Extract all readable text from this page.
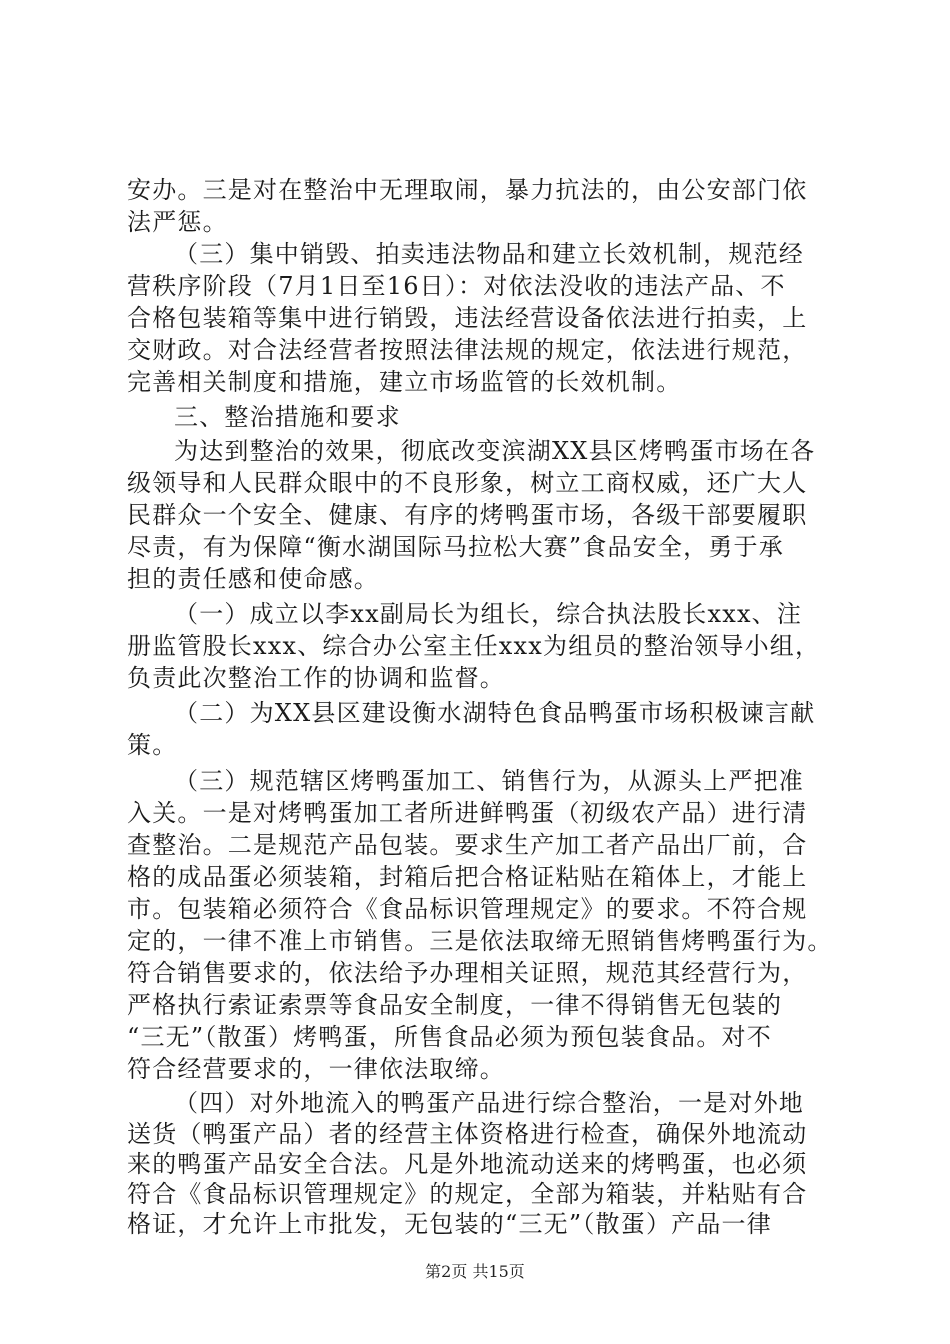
安办。三是对在整治中无理取闹，暴力抗法的，由公安部门依
法严惩。
（三）集中销毁、拍卖违法物品和建立长效机制，规范经
营秩序阶段（7月1日至16日）：对依法没收的违法产品、不
合格包装箱等集中进行销毁，违法经营设备依法进行拍卖，上
交财政。对合法经营者按照法律法规的规定，依法进行规范，
完善相关制度和措施，建立市场监管的长效机制。
三、整治措施和要求
为达到整治的效果，彻底改变滨湖XX县区烤鸭蛋市场在各
级领导和人民群众眼中的不良形象，树立工商权威，还广大人
民群众一个安全、健康、有序的烤鸭蛋市场，各级干部要履职
尽责，有为保障“衡水湖国际马拉松大赛”食品安全，勇于承
担的责任感和使命感。
（一）成立以李xx副局长为组长，综合执法股长xxx、注
册监管股长xxx、综合办公室主任xxx为组员的整治领导小组，
负责此次整治工作的协调和监督。
（二）为XX县区建设衡水湖特色食品鸭蛋市场积极谏言献
策。
（三）规范辖区烤鸭蛋加工、销售行为，从源头上严把准
入关。一是对烤鸭蛋加工者所进鲜鸭蛋（初级农产品）进行清
查整治。二是规范产品包装。要求生产加工者产品出厂前，合
格的成品蛋必须装箱，封箱后把合格证粘贴在箱体上，才能上
市。包装箱必须符合《食品标识管理规定》的要求。不符合规
定的，一律不准上市销售。三是依法取缔无照销售烤鸭蛋行为。
符合销售要求的，依法给予办理相关证照，规范其经营行为，
严格执行索证索票等食品安全制度，一律不得销售无包装的
“三无”（散蛋）烤鸭蛋，所售食品必须为预包装食品。对不
符合经营要求的，一律依法取缔。
（四）对外地流入的鸭蛋产品进行综合整治，一是对外地
送货（鸭蛋产品）者的经营主体资格进行检查，确保外地流动
来的鸭蛋产品安全合法。凡是外地流动送来的烤鸭蛋，也必须
符合《食品标识管理规定》的规定，全部为箱装，并粘贴有合
格证，才允许上市批发，无包装的“三无”（散蛋）产品一律
第2页 共15页
